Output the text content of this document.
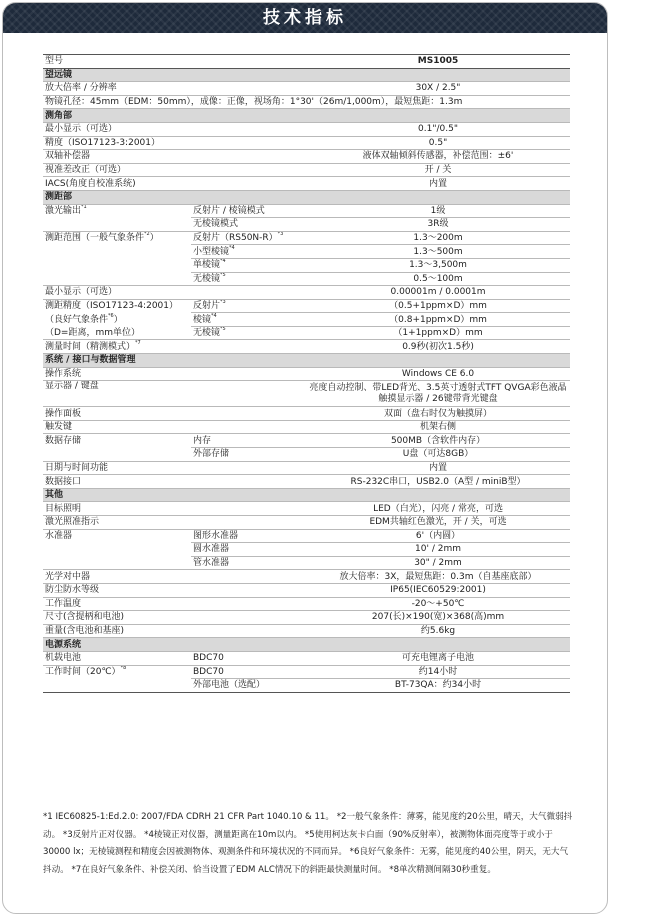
技术指标
型号		MS1005
望远镜		
放大倍率 / 分辨率		30X / 2.5"
物镜孔径：45mm（EDM：50mm），成像：正像，视场角：1°30'（26m/1,000m），最短焦距：1.3m		
测角部		
最小显示（可选）		0.1"/0.5"
精度（ISO17123-3:2001）		0.5"
双轴补偿器		液体双轴倾斜传感器，补偿范围：±6'
视准差改正（可选）		开 / 关
IACS(角度自校准系统)		内置
测距部		
激光输出$^{*1}$	反射片 / 棱镜模式	1级
	无棱镜模式	3R级
测距范围（一般气象条件$^{*2}$）	反射片$(RS50N-R)^{*3}$	1.3～200m
	小型棱镜$^{*4}$	1.3～500m
	单棱镜$^{*4}$	1.3～3,500m
	无棱镜$^{*5}$	0.5～100m
最小显示（可选）		0.00001m / 0.0001m
测距精度（ISO17123-4:2001）	反射片$^{*3}$	（0.5+1ppm×D）mm
（良好气象条件$^{*6}$）	棱镜$^{*4}$	（0.8+1ppm×D）mm
（D=距离，mm单位）	无棱镜$^{*5}$	（1+1ppm×D）mm
测量时间（精测模式）$^{*7}$		0.9秒(初次1.5秒)
系统 / 接口与数据管理		
操作系统		Windows CE 6.0
显示器 / 键盘		亮度自动控制、带LED背光、3.5英寸透射式TFT QVGA彩色液晶触摸显示器 / 26键带背光键盘
操作面板		双面（盘右时仅为触摸屏）
触发键		机架右侧
数据存储	内存	500MB（含软件内存）
	外部存储	U盘（可达8GB）
日期与时间功能		内置
数据接口		RS-232C串口，USB2.0（A型 / miniB型）
其他		
目标照明		LED（白光），闪亮 / 常亮，可选
激光照准指示		EDM共轴红色激光，开 / 关，可选
水准器	图形水准器	6'（内圆）
	圆水准器	10' / 2mm
	管水准器	30" / 2mm
光学对中器		放大倍率：3X，最短焦距：0.3m（自基座底部）
防尘防水等级		IP65(IEC60529:2001)
工作温度		-20～+50℃
尺寸(含提柄和电池)		207(长)×190(宽)×368(高)mm
重量(含电池和基座)		约5.6kg
电源系统		
机载电池	BDC70	可充电锂离子电池
工作时间（20℃）$^{*8}$	BDC70	约14小时
	外部电池（选配）	BT-73QA：约34小时
*1 IEC60825-1:Ed.2.0: 2007/FDA CDRH 21 CFR Part 1040.10 & 11。 *2一般气象条件：薄雾，能见度约20公里，晴天，大气微弱抖动。 *3反射片正对仪器。 *4棱镜正对仪器，测量距离在10m以内。 *5使用柯达灰卡白面（90%反射率），被测物体面亮度等于或小于30000 lx；无棱镜测程和精度会因被测物体、观测条件和环境状况的不同而异。 *6良好气象条件：无雾，能见度约40公里，阴天，无大气抖动。 *7在良好气象条件、补偿关闭、恰当设置了EDM ALC情况下的斜距最快测量时间。 *8单次精测间隔30秒重复。
